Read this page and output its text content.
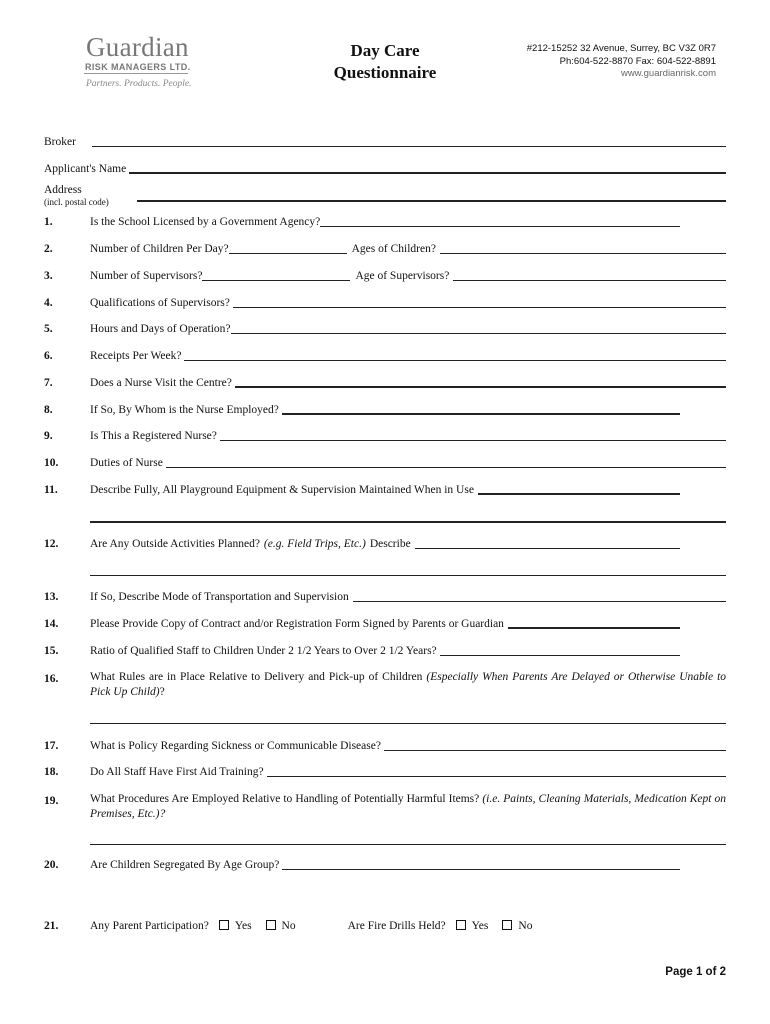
Guardian
RISK MANAGERS LTD.
Partners. Products. People.
Day Care
Questionnaire
#212-15252 32 Avenue, Surrey, BC V3Z 0R7
Ph:604-522-8870 Fax: 604-522-8891
www.guardianrisk.com
Broker
Applicant's Name
Address
(incl. postal code)
1.	Is the School Licensed by a Government Agency?
2.	Number of Children Per Day?	Ages of Children?
3.	Number of Supervisors?	Age of Supervisors?
4.	Qualifications of Supervisors?
5.	Hours and Days of Operation?
6.	Receipts Per Week?
7.	Does a Nurse Visit the Centre?
8.	If So, By Whom is the Nurse Employed?
9.	Is This a Registered Nurse?
10.	Duties of Nurse
11.	Describe Fully, All Playground Equipment & Supervision Maintained When in Use
12.	Are Any Outside Activities Planned? (e.g. Field Trips, Etc.) Describe
13.	If So, Describe Mode of Transportation and Supervision
14.	Please Provide Copy of Contract and/or Registration Form Signed by Parents or Guardian
15.	Ratio of Qualified Staff to Children Under 2 1/2 Years to Over 2 1/2 Years?
16.	What Rules are in Place Relative to Delivery and Pick-up of Children (Especially When Parents Are Delayed or Otherwise Unable to Pick Up Child)?
17.	What is Policy Regarding Sickness or Communicable Disease?
18.	Do All Staff Have First Aid Training?
19.	What Procedures Are Employed Relative to Handling of Potentially Harmful Items? (i.e. Paints, Cleaning Materials, Medication Kept on Premises, Etc.)?
20.	Are Children Segregated By Age Group?
21.	Any Parent Participation?	Yes	No	Are Fire Drills Held?	Yes	No
Page 1 of 2
